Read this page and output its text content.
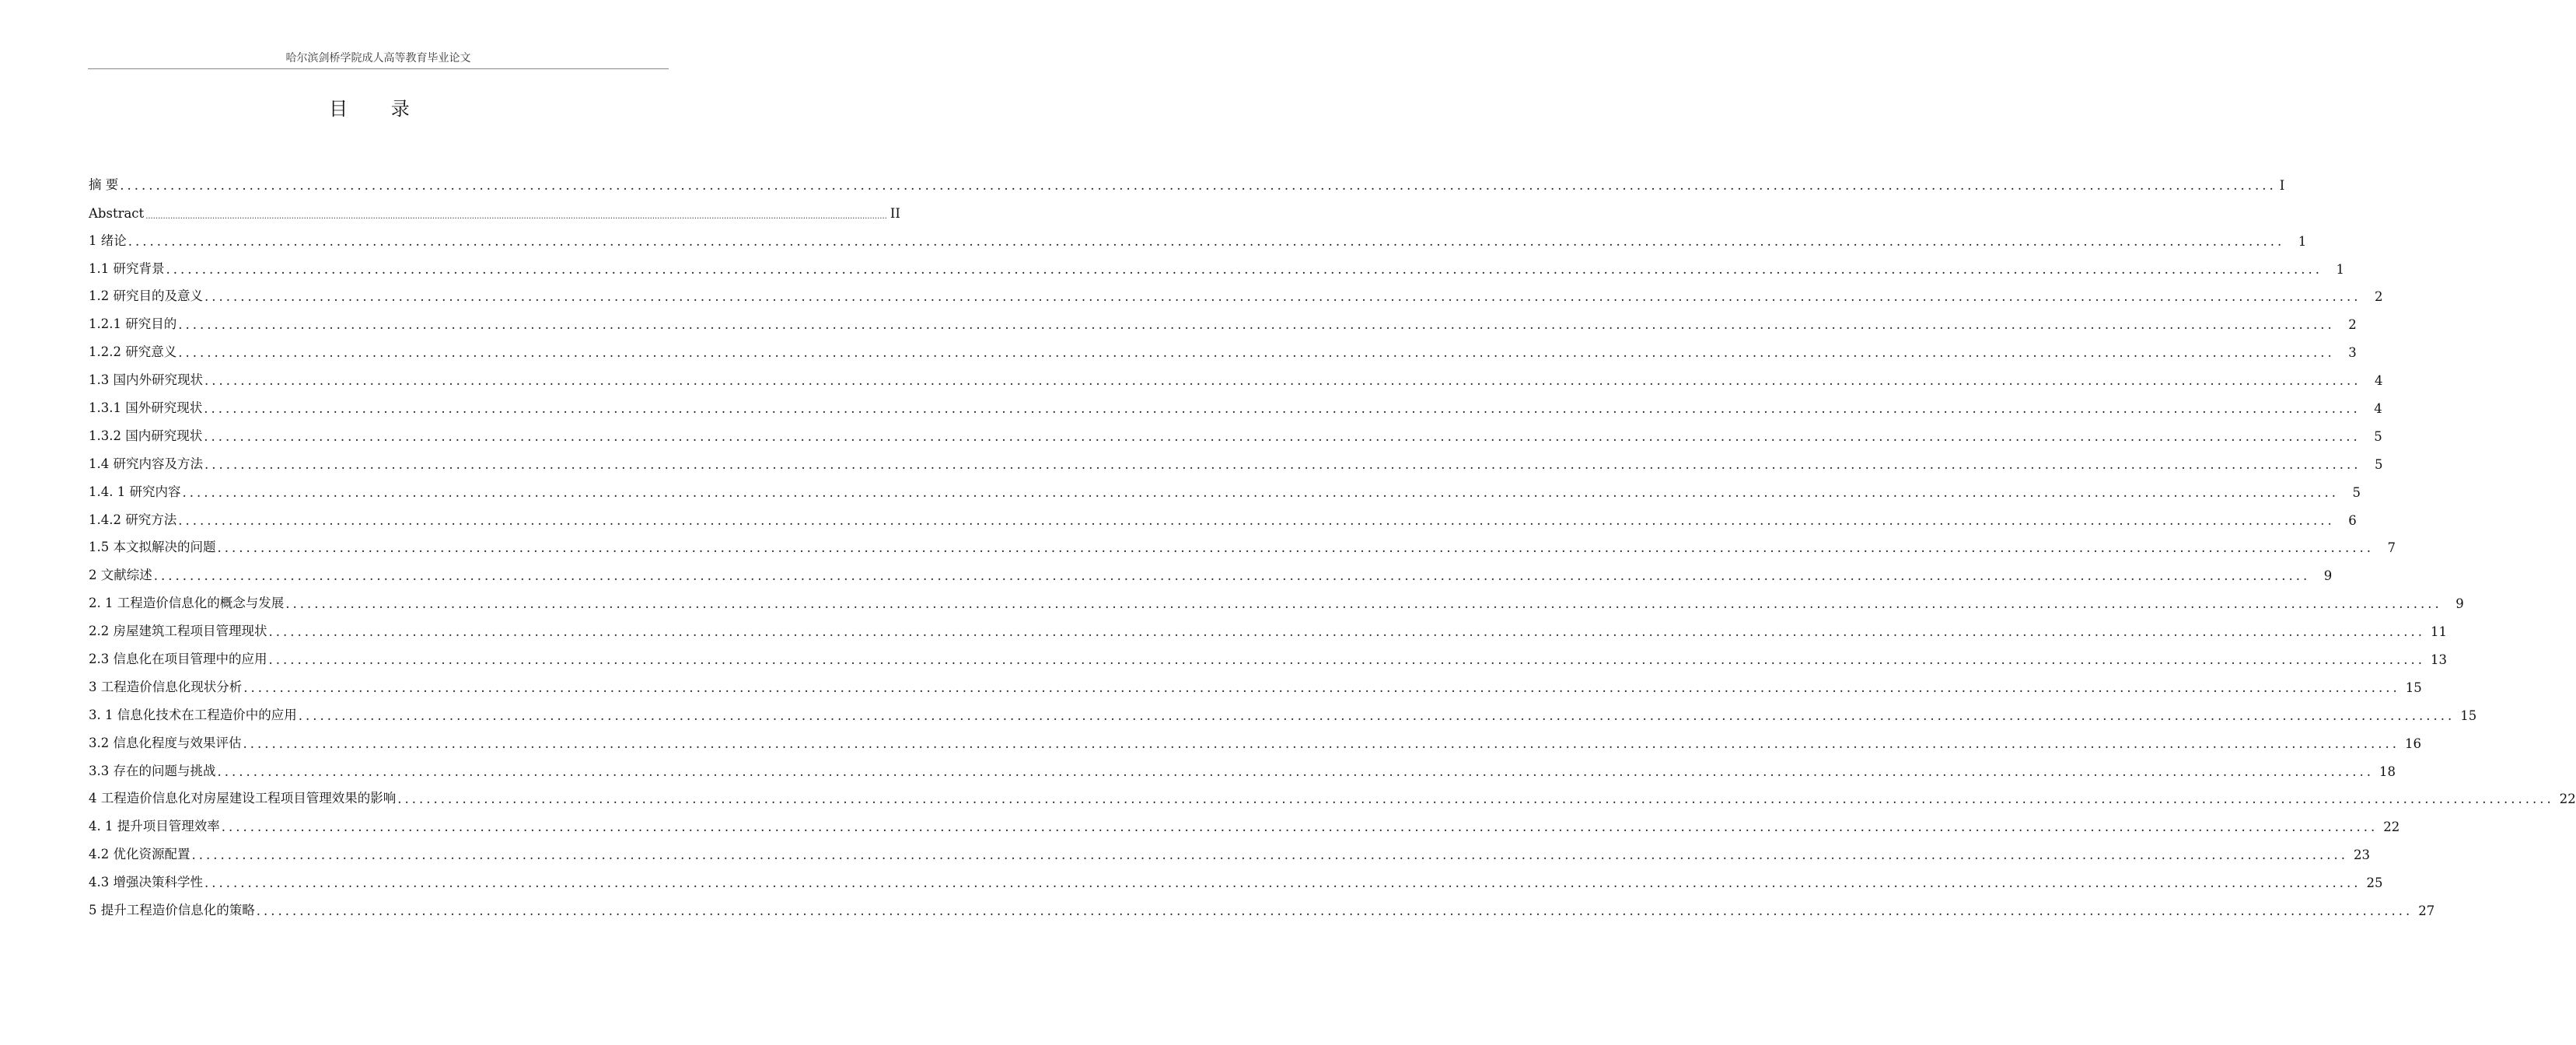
哈尔滨剑桥学院成人高等教育毕业论文
目 录
摘 要 ............................................................................................................................................................................................................................................................................................................ I
Abstract ............................................................................................................................................................................................................................................................................................................ II
1 绪论 ............................................................................................................................................................................................................................................................................................................	1
1.1 研究背景 ............................................................................................................................................................................................................................................................................................................	1
1.2 研究目的及意义 ............................................................................................................................................................................................................................................................................................................	2
1.2.1 研究目的 ............................................................................................................................................................................................................................................................................................................	2
1.2.2 研究意义 ............................................................................................................................................................................................................................................................................................................	3
1.3 国内外研究现状 ............................................................................................................................................................................................................................................................................................................	4
1.3.1 国外研究现状 ............................................................................................................................................................................................................................................................................................................	4
1.3.2 国内研究现状 ............................................................................................................................................................................................................................................................................................................	5
1.4 研究内容及方法 ............................................................................................................................................................................................................................................................................................................	5
1.4. 1 研究内容 ............................................................................................................................................................................................................................................................................................................	5
1.4.2 研究方法 ............................................................................................................................................................................................................................................................................................................	6
1.5 本文拟解决的问题 ............................................................................................................................................................................................................................................................................................................	7
2 文献综述 ............................................................................................................................................................................................................................................................................................................	9
2. 1 工程造价信息化的概念与发展 ............................................................................................................................................................................................................................................................................................................	9
2.2 房屋建筑工程项目管理现状 ............................................................................................................................................................................................................................................................................................................ 11
2.3 信息化在项目管理中的应用 ............................................................................................................................................................................................................................................................................................................ 13
3 工程造价信息化现状分析 ............................................................................................................................................................................................................................................................................................................ 15
3. 1 信息化技术在工程造价中的应用 ............................................................................................................................................................................................................................................................................................................ 15
3.2 信息化程度与效果评估 ............................................................................................................................................................................................................................................................................................................ 16
3.3 存在的问题与挑战 ............................................................................................................................................................................................................................................................................................................ 18
4 工程造价信息化对房屋建设工程项目管理效果的影响 ............................................................................................................................................................................................................................................................................................................ 22
4. 1 提升项目管理效率 ............................................................................................................................................................................................................................................................................................................ 22
4.2 优化资源配置 ............................................................................................................................................................................................................................................................................................................ 23
4.3 增强决策科学性 ............................................................................................................................................................................................................................................................................................................ 25
5 提升工程造价信息化的策略 ............................................................................................................................................................................................................................................................................................................ 27
